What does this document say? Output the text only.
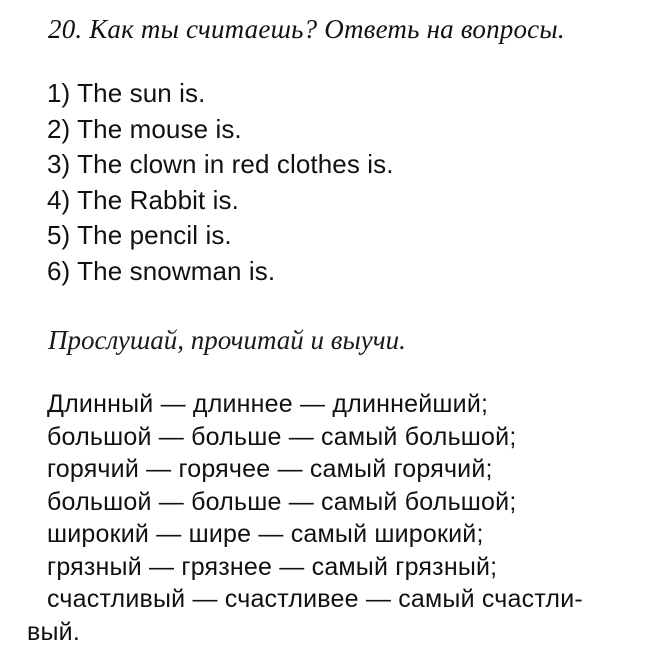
20. Как ты считаешь? Ответь на вопросы.
1) The sun is.
2) The mouse is.
3) The clown in red clothes is.
4) The Rabbit is.
5) The pencil is.
6) The snowman is.
Прослушай, прочитай и выучи.
Длинный — длиннее — длиннейший;
большой — больше — самый большой;
горячий — горячее — самый горячий;
большой — больше — самый большой;
широкий — шире — самый широкий;
грязный — грязнее — самый грязный;
счастливый — счастливее — самый счастли-
вый.
